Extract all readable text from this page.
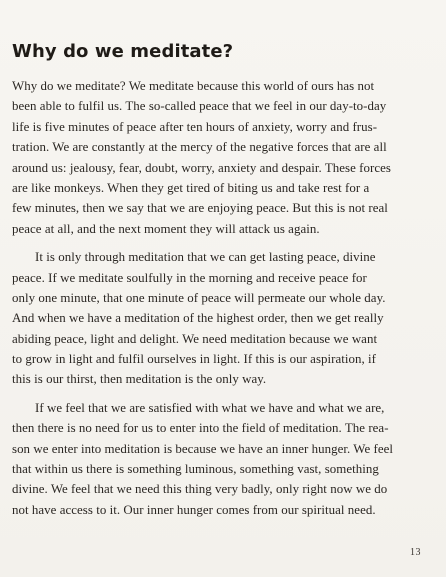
Why do we meditate?

Why do we meditate? We meditate because this world of ours has not
been able to fulfil us. The so-called peace that we feel in our day-to-day
life is five minutes of peace after ten hours of anxiety, worry and frus-
tration. We are constantly at the mercy of the negative forces that are all
around us: jealousy, fear, doubt, worry, anxiety and despair. These forces
are like monkeys. When they get tired of biting us and take rest for a
few minutes, then we say that we are enjoying peace. But this is not real
peace at all, and the next moment they will attack us again.

It is only through meditation that we can get lasting peace, divine
peace. If we meditate soulfully in the morning and receive peace for
only one minute, that one minute of peace will permeate our whole day.
And when we have a meditation of the highest order, then we get really
abiding peace, light and delight. We need meditation because we want
to grow in light and fulfil ourselves in light. If this is our aspiration, if
this is our thirst, then meditation is the only way.

If we feel that we are satisfied with what we have and what we are,
then there is no need for us to enter into the field of meditation. The rea-
son we enter into meditation is because we have an inner hunger. We feel
that within us there is something luminous, something vast, something
divine. We feel that we need this thing very badly, only right now we do
not have access to it. Our inner hunger comes from our spiritual need.

13
